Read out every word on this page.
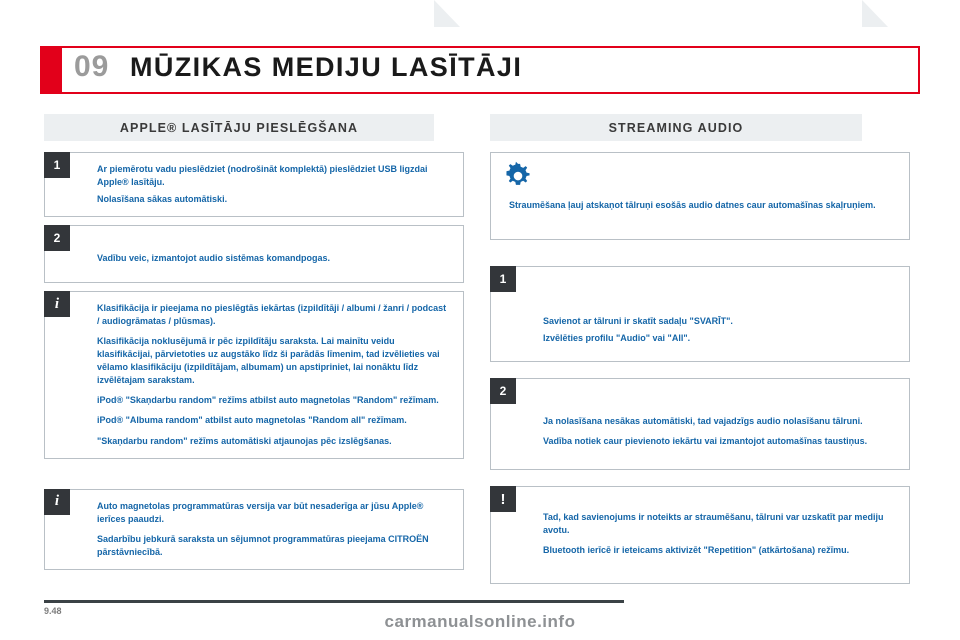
09 MŪZIKAS MEDIJU LASĪTĀJI
APPLE® LASĪTĀJU PIESLĒGŠANA	STREAMING AUDIO
1	Ar piemērotu vadu pieslēdziet (nodrošināt komplektā) pieslēdziet USB ligzdai Apple® lasītāju.

Nolasīšana sākas automātiski.

2

Vadību veic, izmantojot audio sistēmas komandpogas.

i	Klasifikācija ir pieejama no pieslēgtās iekārtas (izpildītāji / albumi / žanri / podcast / audiogrāmatas / plūsmas).

Klasifikācija noklusējumā ir pēc izpildītāju saraksta. Lai mainītu veidu klasifikācijai, pārvietoties uz augstāko līdz ši parādās līmenim, tad izvēlieties vai vēlamo klasifikāciju (izpildītājam, albumam) un apstipriniet, lai nonāktu līdz izvēlētajam sarakstam.

iPod® "Skaņdarbu random" režīms atbilst auto magnetolas "Random" režīmam.

iPod® "Albuma random" atbilst auto magnetolas "Random all" režīmam.

"Skaņdarbu random" režīms automātiski atjaunojas pēc izslēgšanas.

i	Auto magnetolas programmatūras versija var būt nesaderīga ar jūsu Apple® ierīces paaudzi.

Sadarbību jebkurā saraksta un sējumnot programmatūras pieejama CITROËN pārstāvniecībā.

Straumēšana ļauj atskaņot tālruņi esošās audio datnes caur automašīnas skaļruņiem.

1

Savienot ar tālruni ir skatīt sadaļu "SVARĪT".

Izvēlēties profilu "Audio" vai "All".

2

Ja nolasīšana nesākas automātiski, tad vajadzīgs audio nolasīšanu tālruni.

Vadība notiek caur pievienoto iekārtu vai izmantojot automašīnas taustiņus.

!

Tad, kad savienojums ir noteikts ar straumēšanu, tālruni var uzskatīt par mediju avotu.

Bluetooth ierīcē ir ieteicams aktivizēt "Repetition" (atkārtošana) režīmu.

9.48
carmanualsonline.info
